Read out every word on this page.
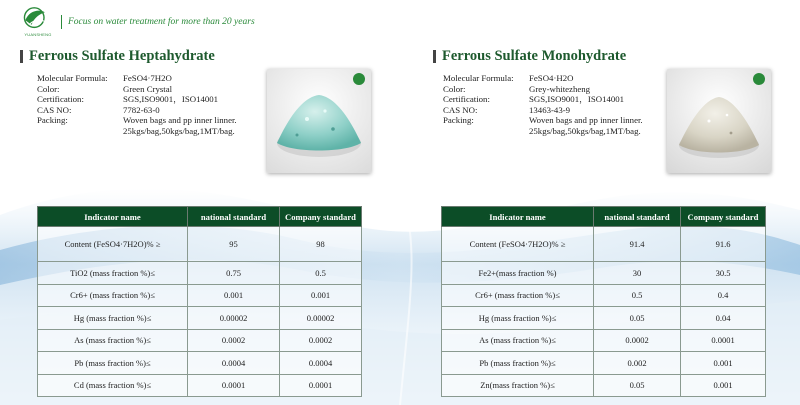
YUANSHENG
Focus on water treatment for more than 20 years
Ferrous Sulfate Heptahydrate
Molecular Formula:	FeSO4·7H2O
Color:	Green Crystal
Certification:	SGS,ISO9001，ISO14001
CAS NO:	7782-63-0
Packing:	Woven bags and pp inner linner.
25kgs/bag,50kgs/bag,1MT/bag.
Indicator name	national standard	Company standard
Content (FeSO4·7H2O)% ≥	95	98
TiO2 (mass fraction %)≤	0.75	0.5
Cr6+ (mass fraction %)≤	0.001	0.001
Hg (mass fraction %)≤	0.00002	0.00002
As (mass fraction %)≤	0.0002	0.0002
Pb (mass fraction %)≤	0.0004	0.0004
Cd (mass fraction %)≤	0.0001	0.0001
Ferrous Sulfate Monohydrate
Molecular Formula:	FeSO4·H2O
Color:	Grey-whitezheng
Certification:	SGS,ISO9001，ISO14001
CAS NO:	13463-43-9
Packing:	Woven bags and pp inner linner.
25kgs/bag,50kgs/bag,1MT/bag.
Indicator name	national standard	Company standard
Content (FeSO4·7H2O)% ≥	91.4	91.6
Fe2+(mass fraction %)	30	30.5
Cr6+ (mass fraction %)≤	0.5	0.4
Hg (mass fraction %)≤	0.05	0.04
As (mass fraction %)≤	0.0002	0.0001
Pb (mass fraction %)≤	0.002	0.001
Zn(mass fraction %)≤	0.05	0.001
